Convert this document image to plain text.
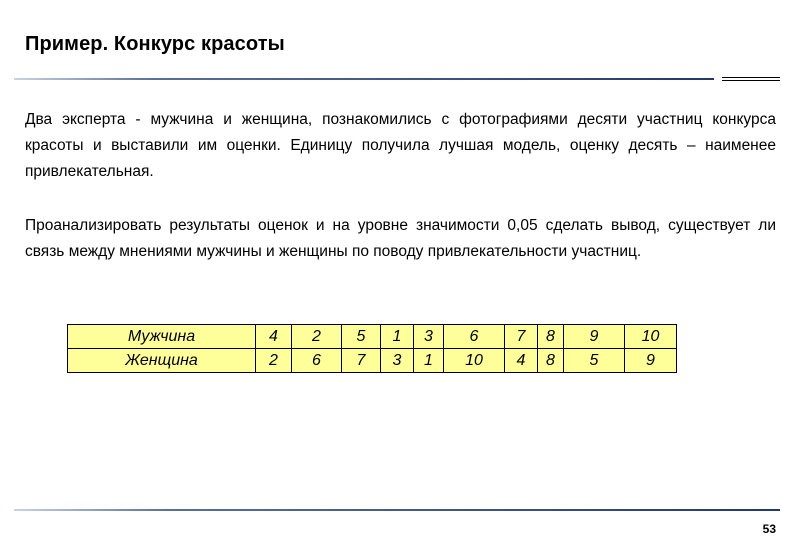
Пример. Конкурс красоты
Два эксперта - мужчина и женщина, познакомились с фотографиями десяти участниц конкурса красоты и выставили им оценки. Единицу получила лучшая модель, оценку десять – наименее привлекательная.
Проанализировать результаты оценок и на уровне значимости 0,05 сделать вывод, существует ли связь между мнениями мужчины и женщины по поводу привлекательности участниц.
Мужчина	4	2	5	1	3	6	7	8	9	10
Женщина	2	6	7	3	1	10	4	8	5	9
53
